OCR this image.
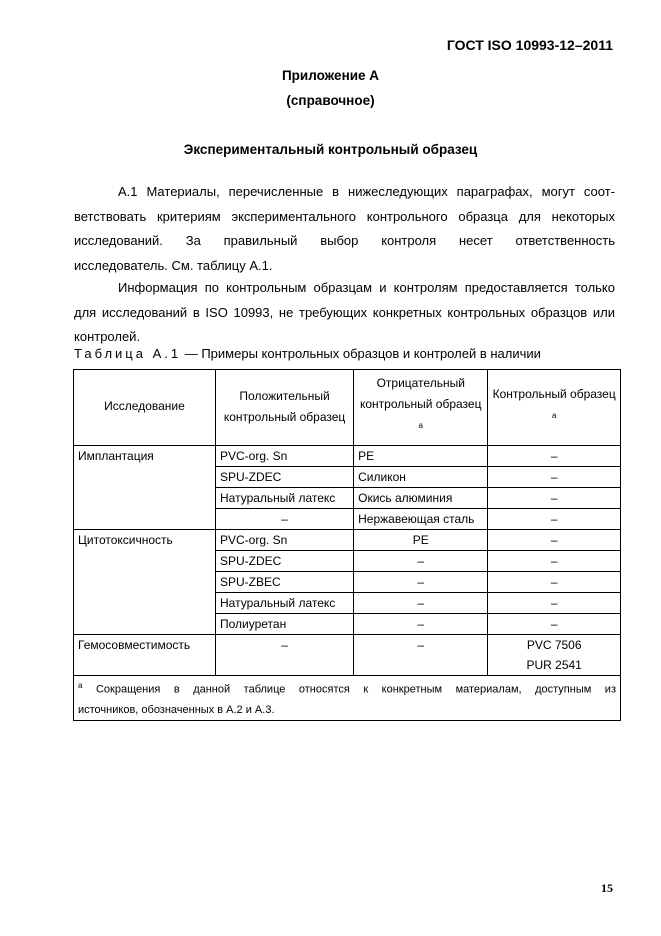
ГОСТ ISO 10993-12–2011
Приложение А
(справочное)
Экспериментальный контрольный образец
А.1 Материалы, перечисленные в нижеследующих параграфах, могут соот-
ветствовать критериям экспериментального контрольного образца для некоторых
исследований. За правильный выбор контроля несет ответственность
исследователь. См. таблицу А.1.
Информация по контрольным образцам и контролям предоставляется только
для исследований в ISO 10993, не требующих конкретных контрольных образцов или
контролей.
Таблица А.1 — Примеры контрольных образцов и контролей в наличии
Исследование	Положительный контрольный образец	Отрицательный контрольный образец $^a$	Контрольный образец $^a$
Имплантация	PVC-org. Sn	PE	–
	SPU-ZDEC	Силикон	–
	Натуральный латекс	Окись алюминия	–
	–	Нержавеющая сталь	–
Цитотоксичность	PVC-org. Sn	PE	–
	SPU-ZDEC	–	–
	SPU-ZBEC	–	–
	Натуральный латекс	–	–
	Полиуретан	–	–
Гемосовместимость	–	–	PVC 7506
PUR 2541

$^a$ Сокращения в данной таблице относятся к конкретным материалам, доступным из
источников, обозначенных в А.2 и А.3.			
15
